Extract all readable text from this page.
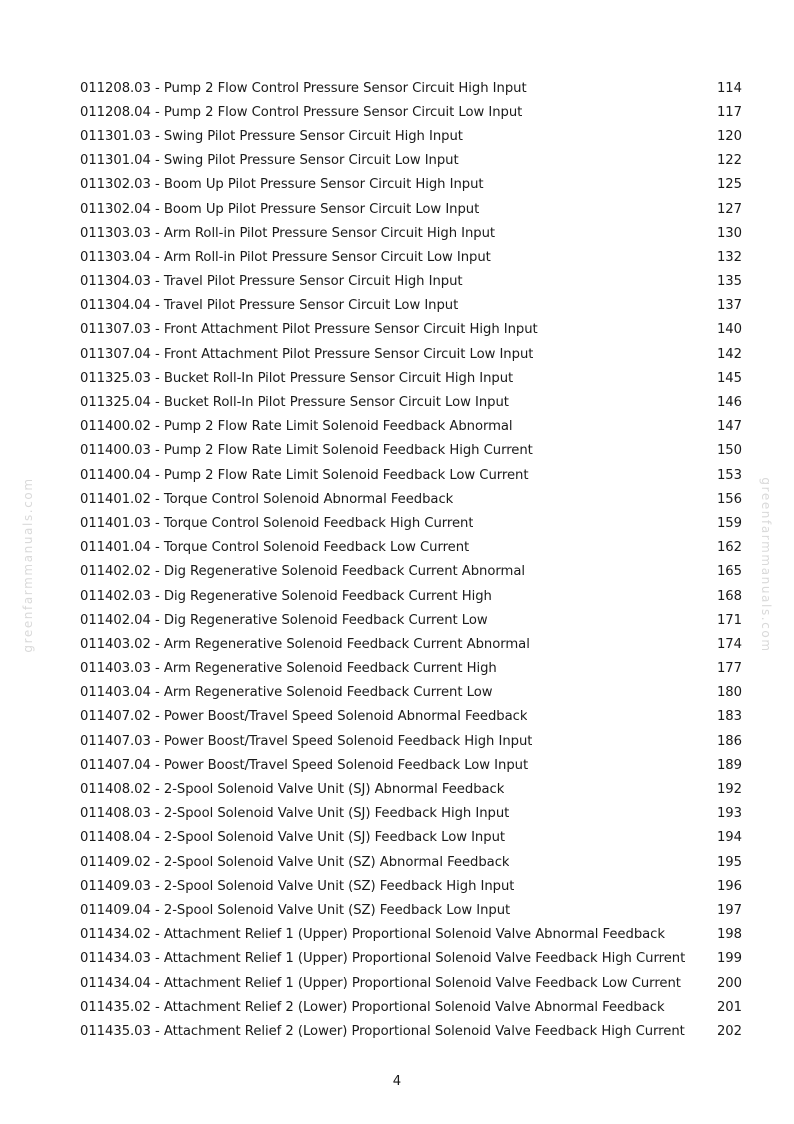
011208.03 - Pump 2 Flow Control Pressure Sensor Circuit High Input	114
011208.04 - Pump 2 Flow Control Pressure Sensor Circuit Low Input	117
011301.03 - Swing Pilot Pressure Sensor Circuit High Input	120
011301.04 - Swing Pilot Pressure Sensor Circuit Low Input	122
011302.03 - Boom Up Pilot Pressure Sensor Circuit High Input	125
011302.04 - Boom Up Pilot Pressure Sensor Circuit Low Input	127
011303.03 - Arm Roll-in Pilot Pressure Sensor Circuit High Input	130
011303.04 - Arm Roll-in Pilot Pressure Sensor Circuit Low Input	132
011304.03 - Travel Pilot Pressure Sensor Circuit High Input	135
011304.04 - Travel Pilot Pressure Sensor Circuit Low Input	137
011307.03 - Front Attachment Pilot Pressure Sensor Circuit High Input	140
011307.04 - Front Attachment Pilot Pressure Sensor Circuit Low Input	142
011325.03 - Bucket Roll-In Pilot Pressure Sensor Circuit High Input	145
011325.04 - Bucket Roll-In Pilot Pressure Sensor Circuit Low Input	146
011400.02 - Pump 2 Flow Rate Limit Solenoid Feedback Abnormal	147
011400.03 - Pump 2 Flow Rate Limit Solenoid Feedback High Current	150
011400.04 - Pump 2 Flow Rate Limit Solenoid Feedback Low Current	153
011401.02 - Torque Control Solenoid Abnormal Feedback	156
011401.03 - Torque Control Solenoid Feedback High Current	159
011401.04 - Torque Control Solenoid Feedback Low Current	162
011402.02 - Dig Regenerative Solenoid Feedback Current Abnormal	165
011402.03 - Dig Regenerative Solenoid Feedback Current High	168
011402.04 - Dig Regenerative Solenoid Feedback Current Low	171
011403.02 - Arm Regenerative Solenoid Feedback Current Abnormal	174
011403.03 - Arm Regenerative Solenoid Feedback Current High	177
011403.04 - Arm Regenerative Solenoid Feedback Current Low	180
011407.02 - Power Boost/Travel Speed Solenoid Abnormal Feedback	183
011407.03 - Power Boost/Travel Speed Solenoid Feedback High Input	186
011407.04 - Power Boost/Travel Speed Solenoid Feedback Low Input	189
011408.02 - 2-Spool Solenoid Valve Unit (SJ) Abnormal Feedback	192
011408.03 - 2-Spool Solenoid Valve Unit (SJ) Feedback High Input	193
011408.04 - 2-Spool Solenoid Valve Unit (SJ) Feedback Low Input	194
011409.02 - 2-Spool Solenoid Valve Unit (SZ) Abnormal Feedback	195
011409.03 - 2-Spool Solenoid Valve Unit (SZ) Feedback High Input	196
011409.04 - 2-Spool Solenoid Valve Unit (SZ) Feedback Low Input	197
011434.02 - Attachment Relief 1 (Upper) Proportional Solenoid Valve Abnormal Feedback	198
011434.03 - Attachment Relief 1 (Upper) Proportional Solenoid Valve Feedback High Current	199
011434.04 - Attachment Relief 1 (Upper) Proportional Solenoid Valve Feedback Low Current	200
011435.02 - Attachment Relief 2 (Lower) Proportional Solenoid Valve Abnormal Feedback	201
011435.03 - Attachment Relief 2 (Lower) Proportional Solenoid Valve Feedback High Current	202
greenfarmmanuals.com	greenfarmmanuals.com
4
